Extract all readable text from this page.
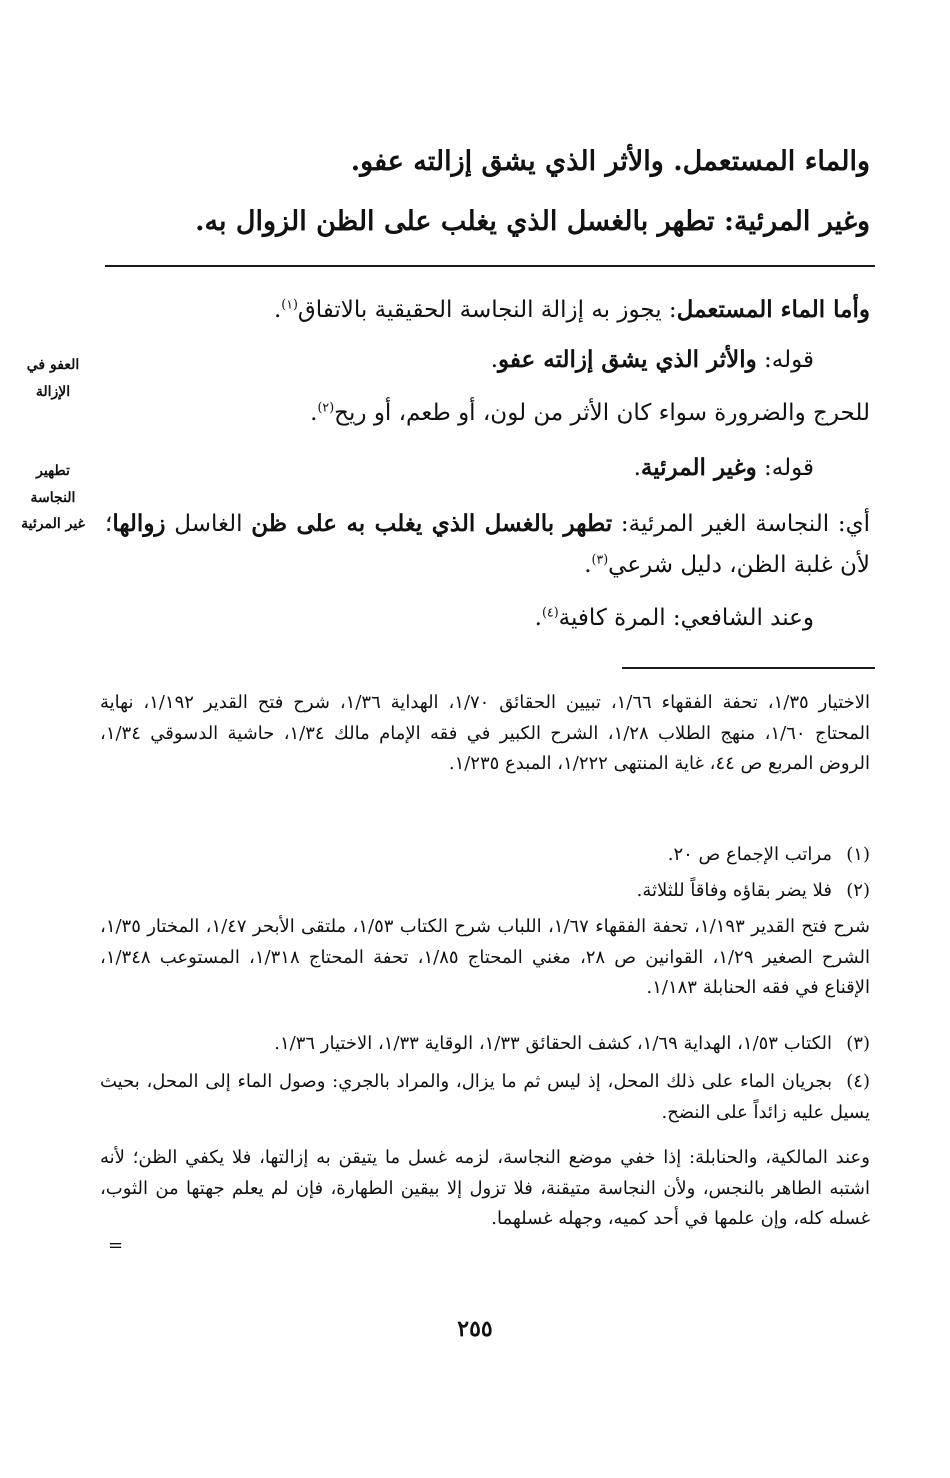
والماء المستعمل. والأثر الذي يشق إزالته عفو.
وغير المرئية: تطهر بالغسل الذي يغلب على الظن الزوال به.
العفو في الإزالة
تطهير النجاسة
غير المرئية
وأما الماء المستعمل: يجوز به إزالة النجاسة الحقيقية بالاتفاق$^{(١)}$.
قوله: والأثر الذي يشق إزالته عفو.
للحرج والضرورة سواء كان الأثر من لون، أو طعم، أو ريح$^{(٢)}$.
قوله: وغير المرئية.
أي: النجاسة الغير المرئية: تطهر بالغسل الذي يغلب به على ظن الغاسل زوالها؛ لأن غلبة الظن، دليل شرعي$^{(٣)}$.
وعند الشافعي: المرة كافية$^{(٤)}$.
الاختيار ١/٣٥، تحفة الفقهاء ١/٦٦، تبيين الحقائق ١/٧٠، الهداية ١/٣٦، شرح فتح القدير ١/١٩٢، نهاية المحتاج ١/٦٠، منهج الطلاب ١/٢٨، الشرح الكبير في فقه الإمام مالك ١/٣٤، حاشية الدسوقي ١/٣٤، الروض المربع ص ٤٤، غاية المنتهى ١/٢٢٢، المبدع ١/٢٣٥.
(١)مراتب الإجماع ص ٢٠.
(٢)فلا يضر بقاؤه وفاقاً للثلاثة.
شرح فتح القدير ١/١٩٣، تحفة الفقهاء ١/٦٧، اللباب شرح الكتاب ١/٥٣، ملتقى الأبحر ١/٤٧، المختار ١/٣٥، الشرح الصغير ١/٢٩، القوانين ص ٢٨، مغني المحتاج ١/٨٥، تحفة المحتاج ١/٣١٨، المستوعب ١/٣٤٨، الإقناع في فقه الحنابلة ١/١٨٣.
(٣)الكتاب ١/٥٣، الهداية ١/٦٩، كشف الحقائق ١/٣٣، الوقاية ١/٣٣، الاختيار ١/٣٦.
(٤)بجريان الماء على ذلك المحل، إذ ليس ثم ما يزال، والمراد بالجري: وصول الماء إلى المحل، بحيث يسيل عليه زائداً على النضح.
وعند المالكية، والحنابلة: إذا خفي موضع النجاسة، لزمه غسل ما يتيقن به إزالتها، فلا يكفي الظن؛ لأنه اشتبه الطاهر بالنجس، ولأن النجاسة متيقنة، فلا تزول إلا بيقين الطهارة، فإن لم يعلم جهتها من الثوب، غسله كله، وإن علمها في أحد كميه، وجهله غسلهما.
=
٢٥٥
